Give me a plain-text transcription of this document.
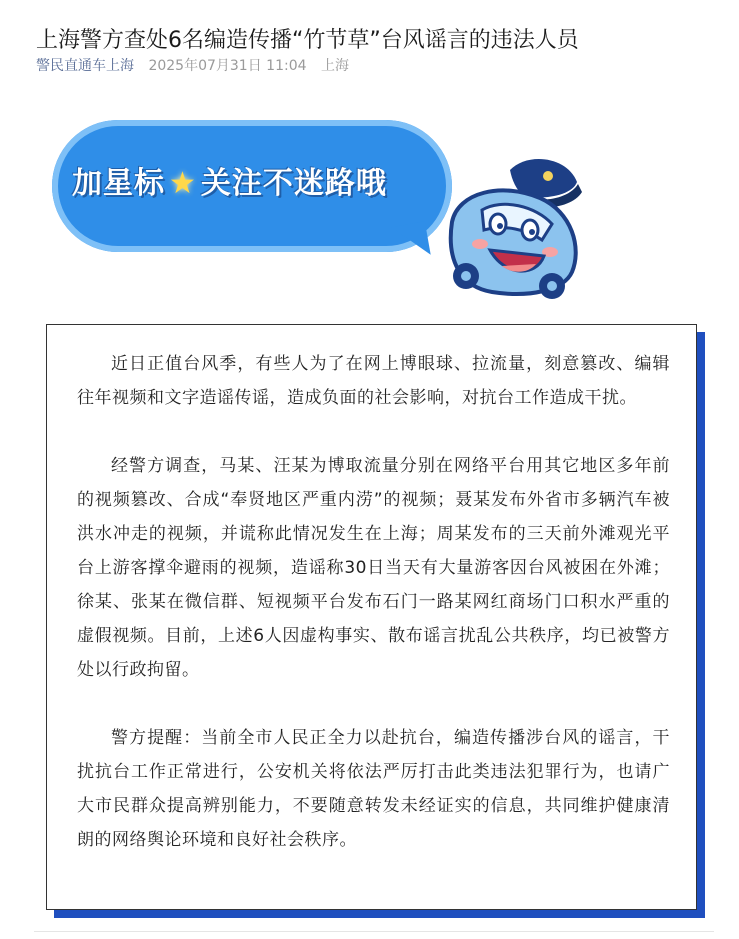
上海警方查处6名编造传播“竹节草”台风谣言的违法人员
警民直通车上海 2025年07月31日 11:04 上海
加星标 ★ 关注不迷路哦

近日正值台风季，有些人为了在网上博眼球、拉流量，刻意篡改、编辑往年视频和文字造谣传谣，造成负面的社会影响，对抗台工作造成干扰。

经警方调查，马某、汪某为博取流量分别在网络平台用其它地区多年前的视频篡改、合成“奉贤地区严重内涝”的视频；聂某发布外省市多辆汽车被洪水冲走的视频，并谎称此情况发生在上海；周某发布的三天前外滩观光平台上游客撑伞避雨的视频，造谣称30日当天有大量游客因台风被困在外滩；徐某、张某在微信群、短视频平台发布石门一路某网红商场门口积水严重的虚假视频。目前，上述6人因虚构事实、散布谣言扰乱公共秩序，均已被警方处以行政拘留。

警方提醒：当前全市人民正全力以赴抗台，编造传播涉台风的谣言，干扰抗台工作正常进行，公安机关将依法严厉打击此类违法犯罪行为，也请广大市民群众提高辨别能力，不要随意转发未经证实的信息，共同维护健康清朗的网络舆论环境和良好社会秩序。
